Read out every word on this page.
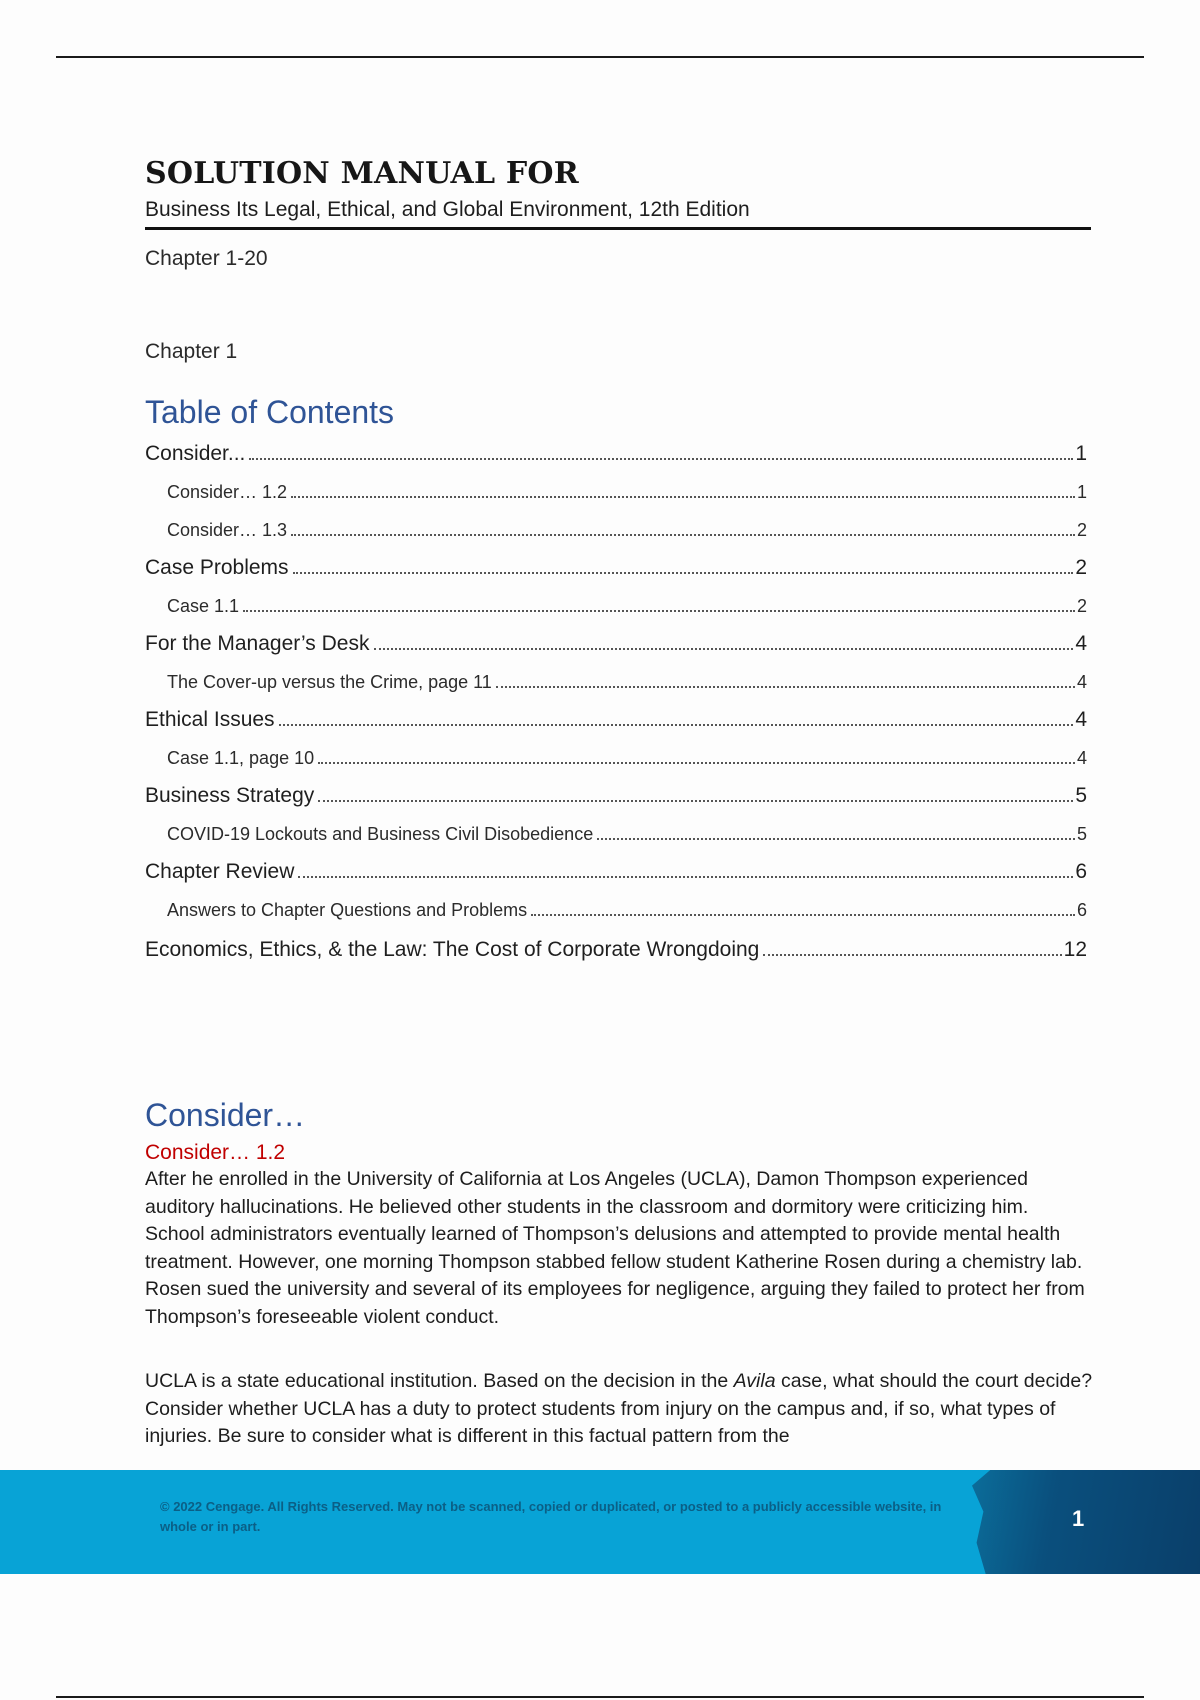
SOLUTION MANUAL FOR
Business Its Legal, Ethical, and Global Environment, 12th Edition
Chapter 1-20
Chapter 1
Table of Contents
Consider...	1
Consider… 1.2	1
Consider… 1.3	2
Case Problems	2
Case 1.1	2
For the Manager’s Desk	4
The Cover-up versus the Crime, page 11	4
Ethical Issues	4
Case 1.1, page 10	4
Business Strategy	5
COVID-19 Lockouts and Business Civil Disobedience	5
Chapter Review	6
Answers to Chapter Questions and Problems	6
Economics, Ethics, & the Law: The Cost of Corporate Wrongdoing	12
Consider…
Consider… 1.2
After he enrolled in the University of California at Los Angeles (UCLA), Damon Thompson experienced auditory hallucinations. He believed other students in the classroom and dormitory were criticizing him. School administrators eventually learned of Thompson’s delusions and attempted to provide mental health treatment. However, one morning Thompson stabbed fellow student Katherine Rosen during a chemistry lab. Rosen sued the university and several of its employees for negligence, arguing they failed to protect her from Thompson’s foreseeable violent conduct.
UCLA is a state educational institution. Based on the decision in the Avila case, what should the court decide? Consider whether UCLA has a duty to protect students from injury on the campus and, if so, what types of injuries. Be sure to consider what is different in this factual pattern from the
© 2022 Cengage. All Rights Reserved. May not be scanned, copied or duplicated, or posted to a publicly accessible website, in whole or in part.	1
